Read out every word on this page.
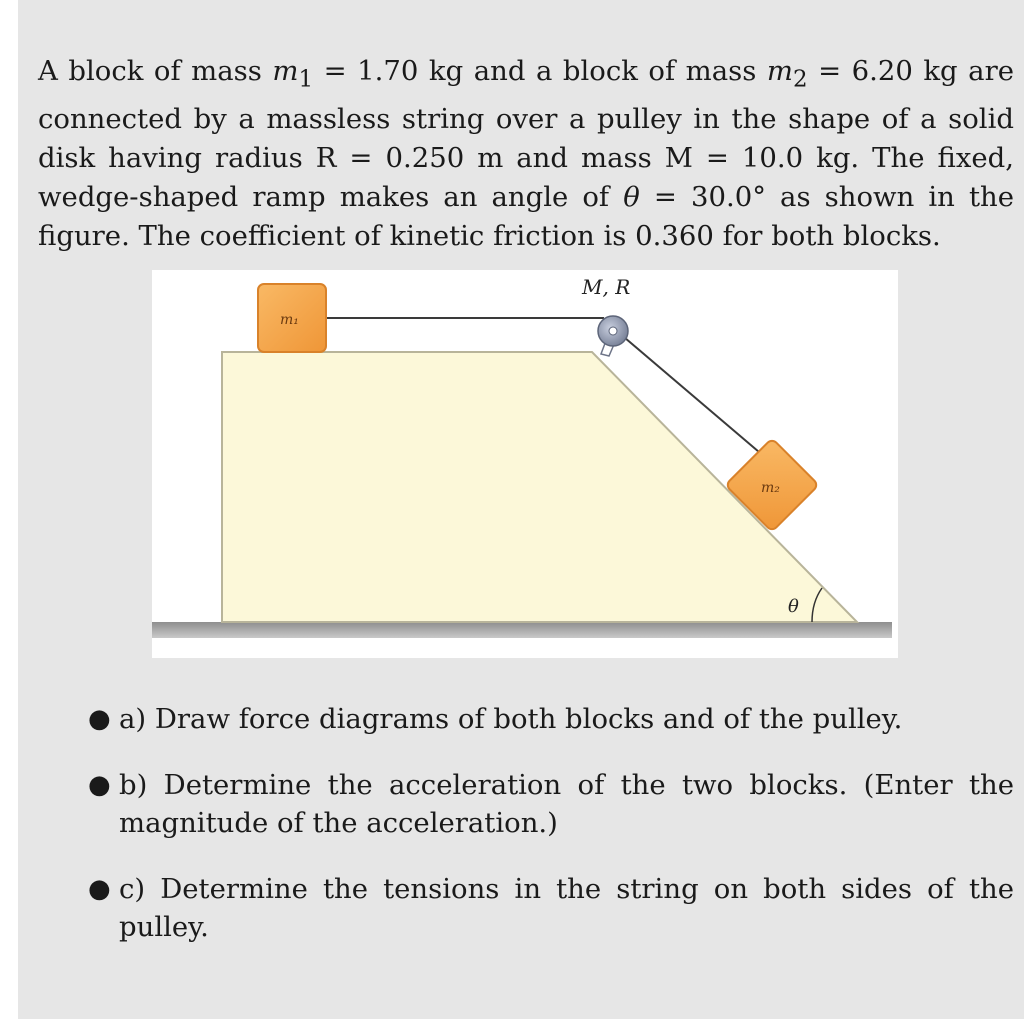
A block of mass $m_1 = 1.70$ kg and a block of mass $m_2 = 6.20$ kg are connected by a massless string over a pulley in the shape of a solid disk having radius R = 0.250 m and mass M = 10.0 kg. The fixed, wedge-shaped ramp makes an angle of θ = 30.0° as shown in the figure. The coefficient of kinetic friction is 0.360 for both blocks.
M, R
m₁
m₂
θ
● a) Draw force diagrams of both blocks and of the pulley.
● b) Determine the acceleration of the two blocks. (Enter the magnitude of the acceleration.)
● c) Determine the tensions in the string on both sides of the pulley.
